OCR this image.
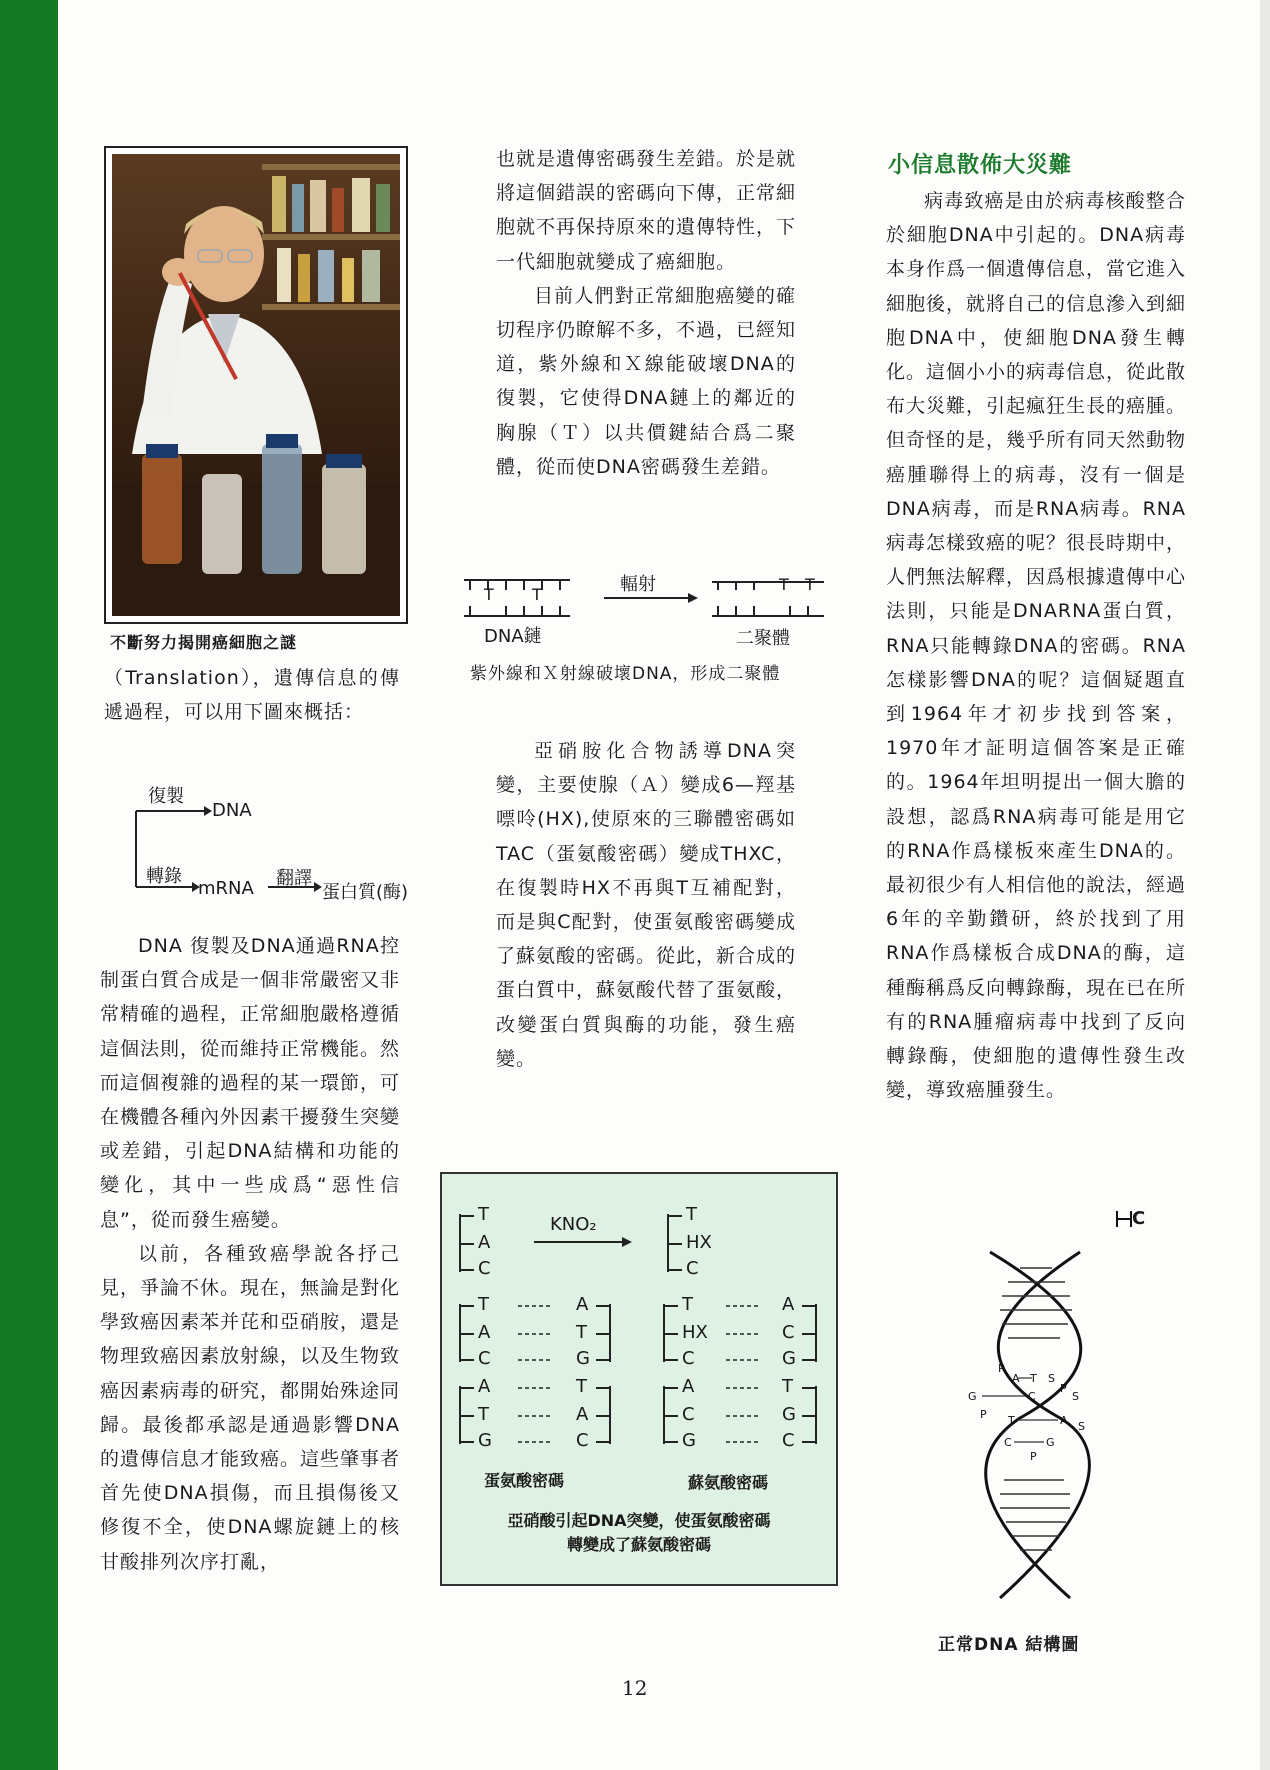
不斷努力揭開癌細胞之謎

（Translation），遺傳信息的傳遞過程，可以用下圖來概括：

復製
DNA
轉錄
mRNA 翻譯
蛋白質(酶)

DNA 復製及DNA通過RNA控制蛋白質合成是一個非常嚴密又非常精確的過程，正常細胞嚴格遵循這個法則，從而維持正常機能。然而這個複雜的過程的某一環節，可在機體各種內外因素干擾發生突變或差錯，引起DNA結構和功能的變化，其中一些成爲“惡性信息”，從而發生癌變。

以前，各種致癌學說各抒己見，爭論不休。現在，無論是對化學致癌因素苯并芘和亞硝胺，還是物理致癌因素放射線，以及生物致癌因素病毒的研究，都開始殊途同歸。最後都承認是通過影響DNA的遺傳信息才能致癌。這些肇事者首先使DNA損傷，而且損傷後又修復不全，使DNA螺旋鏈上的核甘酸排列次序打亂，

也就是遺傳密碼發生差錯。於是就將這個錯誤的密碼向下傳，正常細胞就不再保持原來的遺傳特性，下一代細胞就變成了癌細胞。

目前人們對正常細胞癌變的確切程序仍瞭解不多，不過，已經知道，紫外線和Ｘ線能破壞DNA的復製，它使得DNA鏈上的鄰近的胸腺（Ｔ）以共價鍵結合爲二聚體，從而使DNA密碼發生差錯。

T T
T T
輻射
DNA鏈	二聚體
紫外線和Ｘ射線破壞DNA，形成二聚體

亞硝胺化合物誘導DNA突變，主要使腺（Ａ）變成6—羥基嘌呤(HX),使原來的三聯體密碼如TAC（蛋氨酸密碼）變成THXC，在復製時HX不再與T互補配對，而是與C配對，使蛋氨酸密碼變成了蘇氨酸的密碼。從此，新合成的蛋白質中，蘇氨酸代替了蛋氨酸，改變蛋白質與酶的功能，發生癌變。

KNO₂
T
A
C
T
HX
C
T	A
A	T
C	G
T	A
HX	C
C	G
A	T
T	A
G	C
A	T
C	G
G	C
蛋氨酸密碼	蘇氨酸密碼
亞硝酸引起DNA突變，使蛋氨酸密碼
轉變成了蘇氨酸密碼
小信息散佈大災難

病毒致癌是由於病毒核酸整合於細胞DNA中引起的。DNA病毒本身作爲一個遺傳信息，當它進入細胞後，就將自己的信息滲入到細胞DNA中，使細胞DNA發生轉化。這個小小的病毒信息，從此散布大災難，引起瘋狂生長的癌腫。但奇怪的是，幾乎所有同天然動物癌腫聯得上的病毒，沒有一個是DNA病毒，而是RNA病毒。RNA病毒怎樣致癌的呢？很長時期中，人們無法解釋，因爲根據遺傳中心法則，只能是DNARNA蛋白質，RNA只能轉錄DNA的密碼。RNA怎樣影響DNA的呢？這個疑題直到1964年才初步找到答案，1970年才証明這個答案是正確的。1964年坦明提出一個大膽的設想，認爲RNA病毒可能是用它的RNA作爲樣板來產生DNA的。最初很少有人相信他的說法，經過6年的辛勤鑽研，終於找到了用RNA作爲樣板合成DNA的酶，這種酶稱爲反向轉錄酶，現在已在所有的RNA腫瘤病毒中找到了反向轉錄酶，使細胞的遺傳性發生改變，導致癌腫發生。

C
P
A T S
P
S
G	C
P T	A S
C	G
P
正常DNA 結構圖
12
